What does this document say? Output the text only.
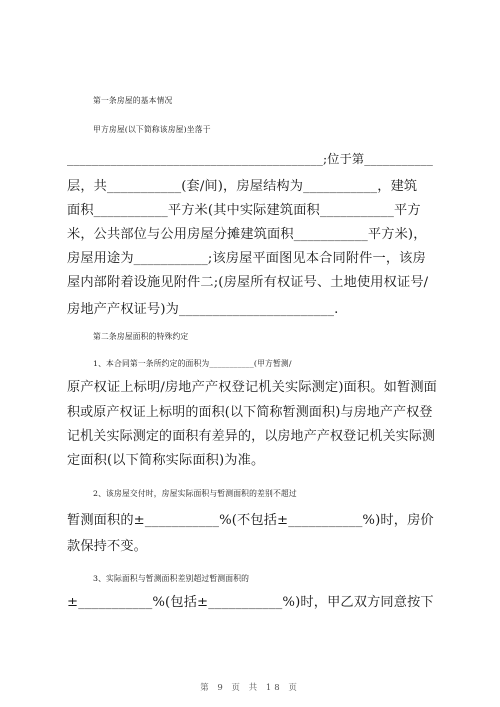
第一条房屋的基本情况
甲方房屋(以下简称该房屋)坐落于
_________________________________________;位于第___________
层，共___________(套/间)，房屋结构为___________，建筑
面积___________平方米(其中实际建筑面积___________平方
米，公共部位与公用房屋分摊建筑面积___________平方米)，
房屋用途为___________;该房屋平面图见本合同附件一，该房
屋内部附着设施见附件二;(房屋所有权证号、土地使用权证号/
房地产产权证号)为_______________________.
第二条房屋面积的特殊约定
1、本合同第一条所约定的面积为___________(甲方暂测/
原产权证上标明/房地产产权登记机关实际测定)面积。如暂测面
积或原产权证上标明的面积(以下简称暂测面积)与房地产产权登
记机关实际测定的面积有差异的，以房地产产权登记机关实际测
定面积(以下简称实际面积)为准。
2、该房屋交付时，房屋实际面积与暂测面积的差别不超过
暂测面积的±___________%(不包括±___________%)时，房价
款保持不变。
3、实际面积与暂测面积差别超过暂测面积的
±___________%(包括±___________%)时，甲乙双方同意按下
第 9 页 共 18 页
